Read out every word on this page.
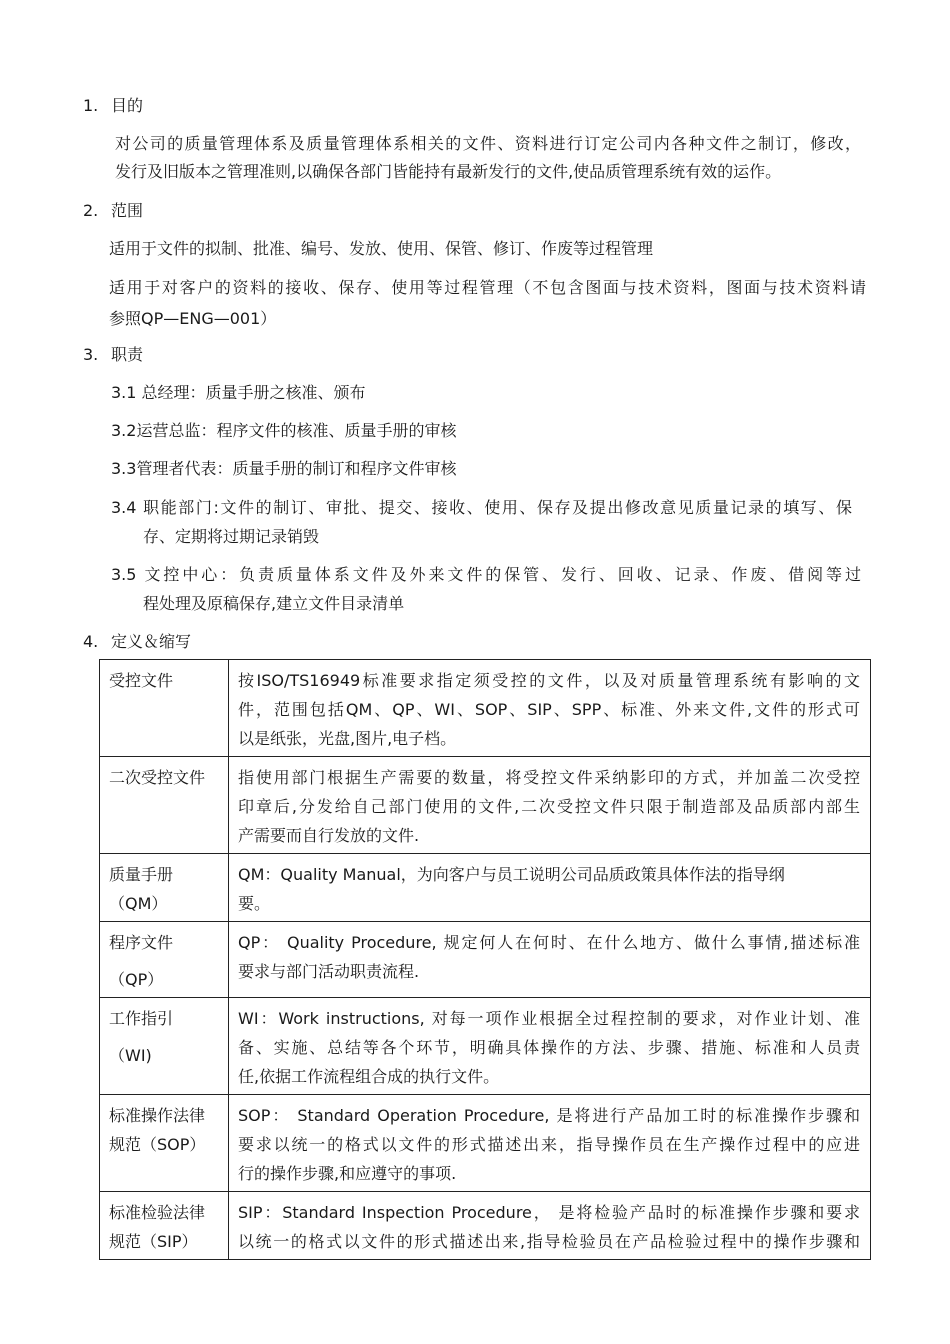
1. 目的
对公司的质量管理体系及质量管理体系相关的文件、资料进行订定公司内各种文件之制订，修改，
发行及旧版本之管理准则,以确保各部门皆能持有最新发行的文件,使品质管理系统有效的运作。
2. 范围
适用于文件的拟制、批准、编号、发放、使用、保管、修订、作废等过程管理
适用于对客户的资料的接收、保存、使用等过程管理（不包含图面与技术资料，图面与技术资料请
参照QP—ENG—001）
3. 职责
3.1 总经理：质量手册之核准、颁布
3.2运营总监：程序文件的核准、质量手册的审核
3.3管理者代表：质量手册的制订和程序文件审核
3.4 职能部门:文件的制订、审批、提交、接收、使用、保存及提出修改意见质量记录的填写、保
存、定期将过期记录销毁
3.5 文控中心：负责质量体系文件及外来文件的保管、发行、回收、记录、作废、借阅等过
程处理及原稿保存,建立文件目录清单
4. 定义＆缩写
受控文件	按ISO/TS16949标准要求指定须受控的文件，以及对质量管理系统有影响的文
件，范围包括QM、QP、WI、SOP、SIP、SPP、标准、外来文件,文件的形式可
以是纸张，光盘,图片,电子档。

二次受控文件	指使用部门根据生产需要的数量，将受控文件采纳影印的方式，并加盖二次受控
印章后,分发给自己部门使用的文件,二次受控文件只限于制造部及品质部内部生
产需要而自行发放的文件.

质量手册
（QM）	QM：Quality Manual，为向客户与员工说明公司品质政策具体作法的指导纲
要。

程序文件
（QP）	QP： Quality Procedure, 规定何人在何时、在什么地方、做什么事情,描述标准
要求与部门活动职责流程.

工作指引
（WI)	WI：Work instructions, 对每一项作业根据全过程控制的要求，对作业计划、准
备、实施、总结等各个环节，明确具体操作的方法、步骤、措施、标准和人员责
任,依据工作流程组合成的执行文件。

标准操作法律
规范（SOP）	SOP： Standard Operation Procedure, 是将进行产品加工时的标准操作步骤和
要求以统一的格式以文件的形式描述出来，指导操作员在生产操作过程中的应进
行的操作步骤,和应遵守的事项.

标准检验法律
规范（SIP）	SIP：Standard Inspection Procedure， 是将检验产品时的标准操作步骤和要求
以统一的格式以文件的形式描述出来,指导检验员在产品检验过程中的操作步骤和
